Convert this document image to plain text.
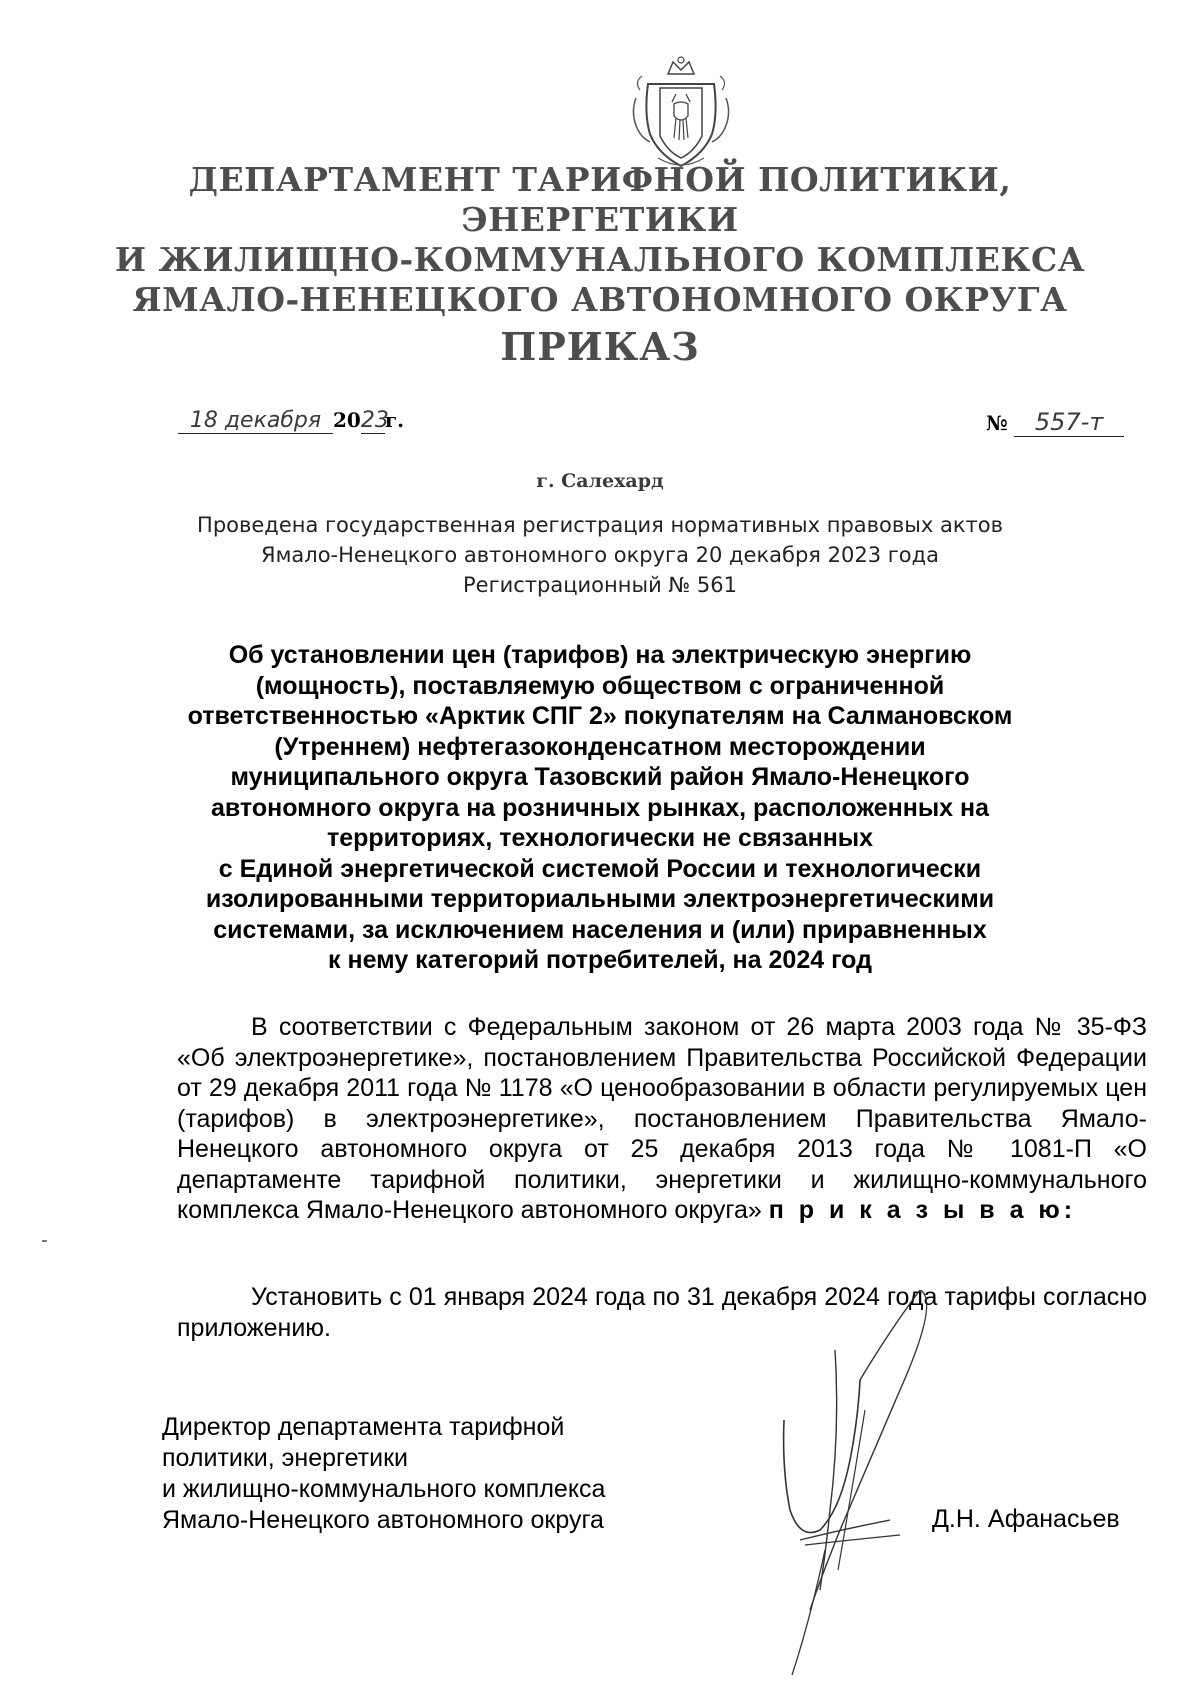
ДЕПАРТАМЕНТ ТАРИФНОЙ ПОЛИТИКИ, ЭНЕРГЕТИКИ
И ЖИЛИЩНО-КОММУНАЛЬНОГО КОМПЛЕКСА
ЯМАЛО-НЕНЕЦКОГО АВТОНОМНОГО ОКРУГА
ПРИКАЗ
18 декабря 2023г.	№ 557-т
г. Салехард
Проведена государственная регистрация нормативных правовых актов
Ямало-Ненецкого автономного округа 20 декабря 2023 года
Регистрационный № 561
Об установлении цен (тарифов) на электрическую энергию
(мощность), поставляемую обществом с ограниченной
ответственностью «Арктик СПГ 2» покупателям на Салмановском
(Утреннем) нефтегазоконденсатном месторождении
муниципального округа Тазовский район Ямало-Ненецкого
автономного округа на розничных рынках, расположенных на
территориях, технологически не связанных
с Единой энергетической системой России и технологически
изолированными территориальными электроэнергетическими
системами, за исключением населения и (или) приравненных
к нему категорий потребителей, на 2024 год
В соответствии с Федеральным законом от 26 марта 2003 года № 35-ФЗ «Об электроэнергетике», постановлением Правительства Российской Федерации от 29 декабря 2011 года № 1178 «О ценообразовании в области регулируемых цен (тарифов) в электроэнергетике», постановлением Правительства Ямало-Ненецкого автономного округа от 25 декабря 2013 года № 1081-П «О департаменте тарифной политики, энергетики и жилищно-коммунального комплекса Ямало-Ненецкого автономного округа» п р и к а з ы в а ю:
Установить с 01 января 2024 года по 31 декабря 2024 года тарифы согласно приложению.
Директор департамента тарифной
политики, энергетики
и жилищно-коммунального комплекса
Ямало-Ненецкого автономного округа	Д.Н. Афанасьев
